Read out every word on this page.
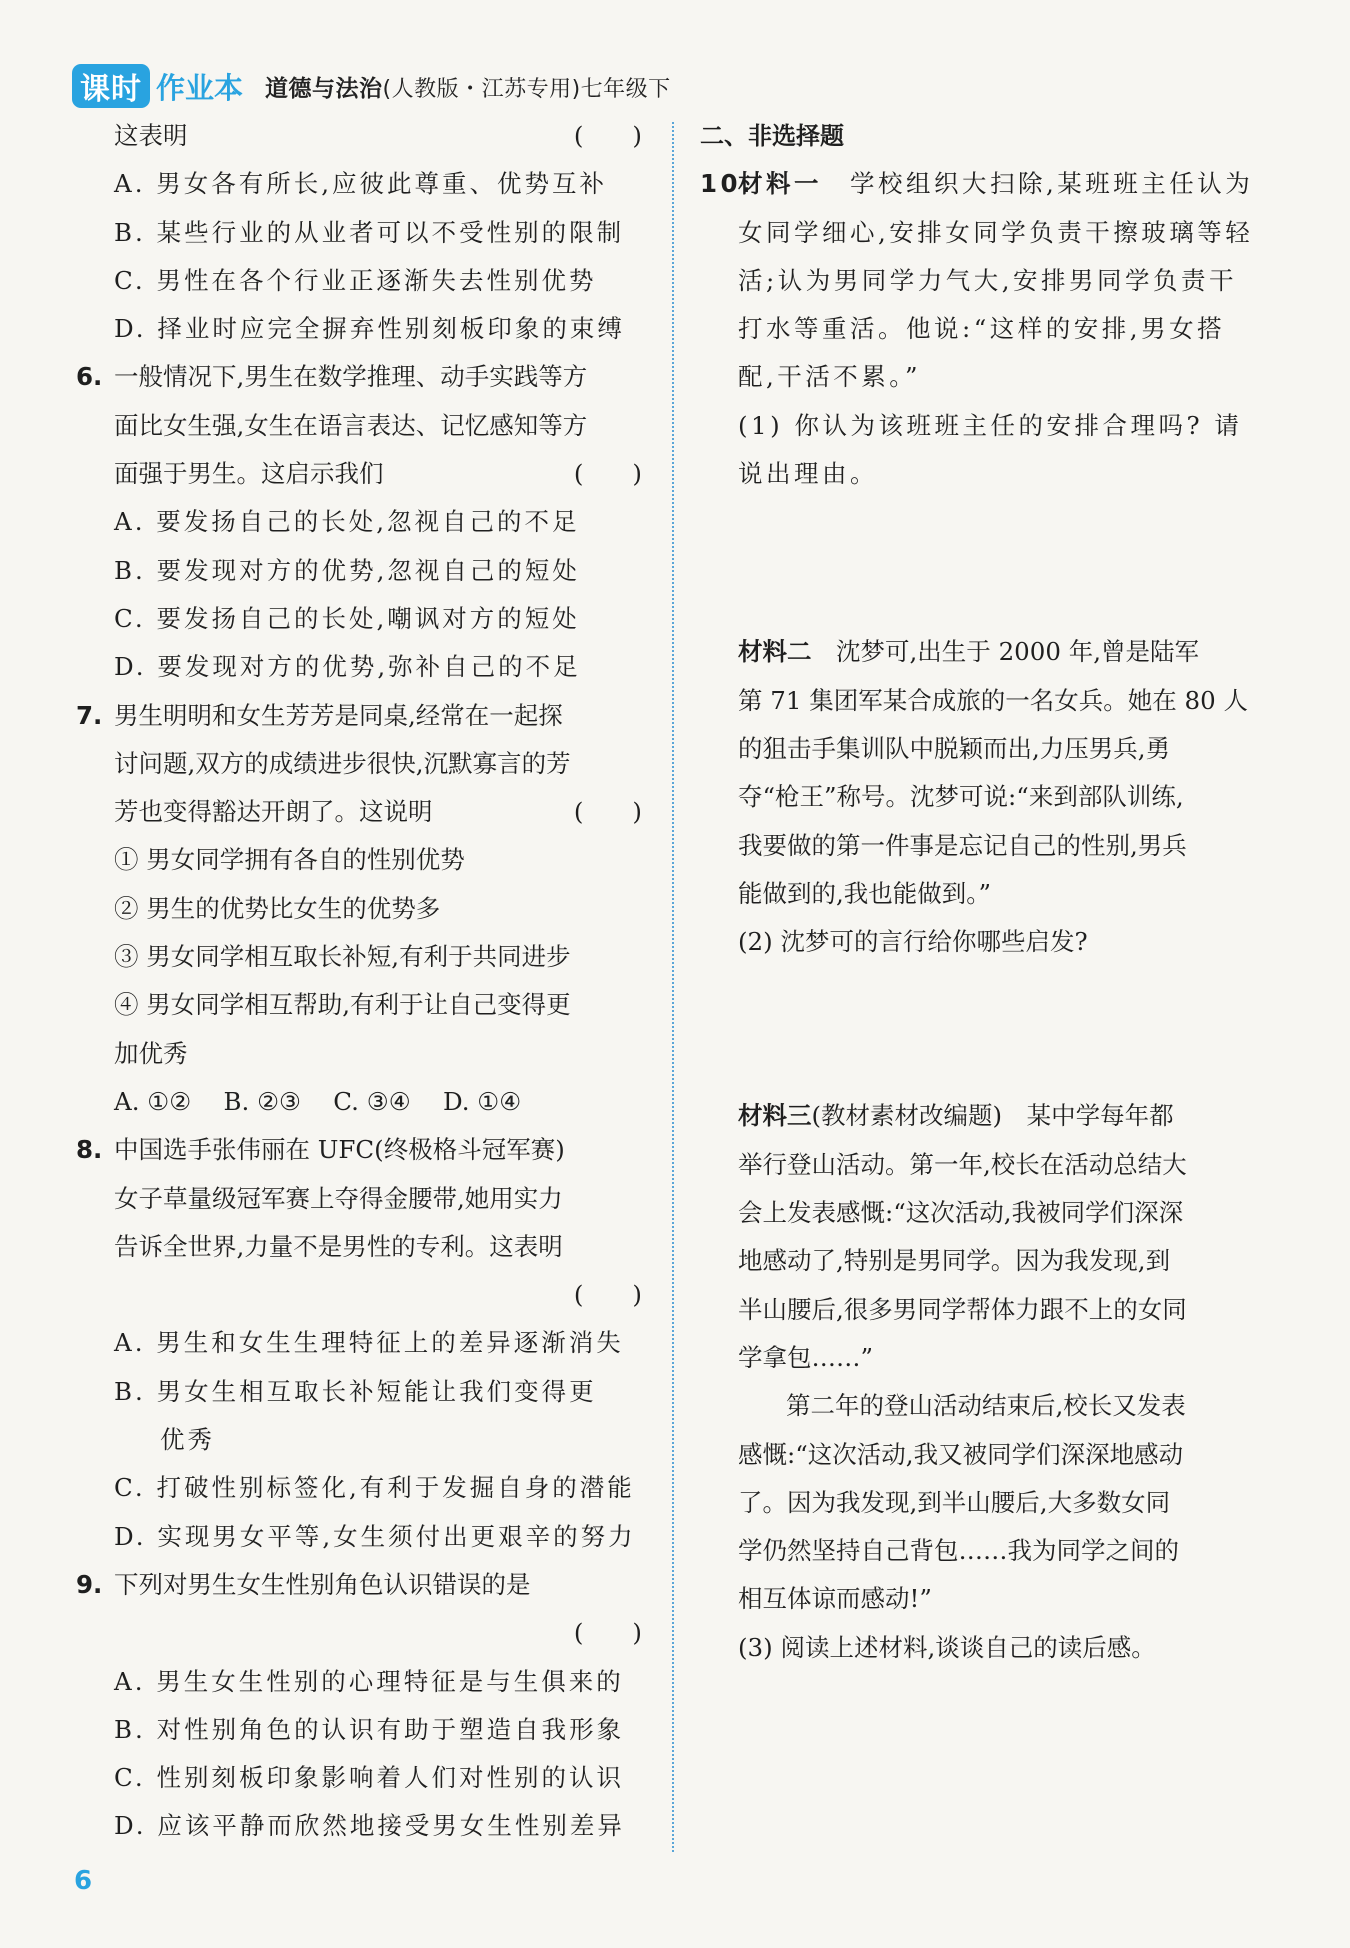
课时 作业本 道德与法治(人教版・江苏专用)七年级下
这表明	(　　)
A. 男女各有所长,应彼此尊重、优势互补
B. 某些行业的从业者可以不受性别的限制
C. 男性在各个行业正逐渐失去性别优势
D. 择业时应完全摒弃性别刻板印象的束缚
6. 一般情况下,男生在数学推理、动手实践等方
面比女生强,女生在语言表达、记忆感知等方
面强于男生。这启示我们	(　　)
A. 要发扬自己的长处,忽视自己的不足
B. 要发现对方的优势,忽视自己的短处
C. 要发扬自己的长处,嘲讽对方的短处
D. 要发现对方的优势,弥补自己的不足
7. 男生明明和女生芳芳是同桌,经常在一起探
讨问题,双方的成绩进步很快,沉默寡言的芳
芳也变得豁达开朗了。这说明	(　　)
① 男女同学拥有各自的性别优势
② 男生的优势比女生的优势多
③ 男女同学相互取长补短,有利于共同进步
④ 男女同学相互帮助,有利于让自己变得更
加优秀
A. ①②　 B. ②③　 C. ③④　 D. ①④
8. 中国选手张伟丽在 UFC(终极格斗冠军赛)
女子草量级冠军赛上夺得金腰带,她用实力
告诉全世界,力量不是男性的专利。这表明
(　　)
A. 男生和女生生理特征上的差异逐渐消失
B. 男女生相互取长补短能让我们变得更
优秀
C. 打破性别标签化,有利于发掘自身的潜能
D. 实现男女平等,女生须付出更艰辛的努力
9. 下列对男生女生性别角色认识错误的是
(　　)
A. 男生女生性别的心理特征是与生俱来的
B. 对性别角色的认识有助于塑造自我形象
C. 性别刻板印象影响着人们对性别的认识
D. 应该平静而欣然地接受男女生性别差异
二、非选择题
10.材料一　学校组织大扫除,某班班主任认为
女同学细心,安排女同学负责干擦玻璃等轻
活;认为男同学力气大,安排男同学负责干
打水等重活。他说:“这样的安排,男女搭
配,干活不累。”
(1) 你认为该班班主任的安排合理吗? 请
说出理由。
材料二　沈梦可,出生于 2000 年,曾是陆军
第 71 集团军某合成旅的一名女兵。她在 80 人
的狙击手集训队中脱颖而出,力压男兵,勇
夺“枪王”称号。沈梦可说:“来到部队训练,
我要做的第一件事是忘记自己的性别,男兵
能做到的,我也能做到。”
(2) 沈梦可的言行给你哪些启发?
材料三(教材素材改编题)　某中学每年都
举行登山活动。第一年,校长在活动总结大
会上发表感慨:“这次活动,我被同学们深深
地感动了,特别是男同学。因为我发现,到
半山腰后,很多男同学帮体力跟不上的女同
学拿包……”
第二年的登山活动结束后,校长又发表
感慨:“这次活动,我又被同学们深深地感动
了。因为我发现,到半山腰后,大多数女同
学仍然坚持自己背包……我为同学之间的
相互体谅而感动!”
(3) 阅读上述材料,谈谈自己的读后感。
6
